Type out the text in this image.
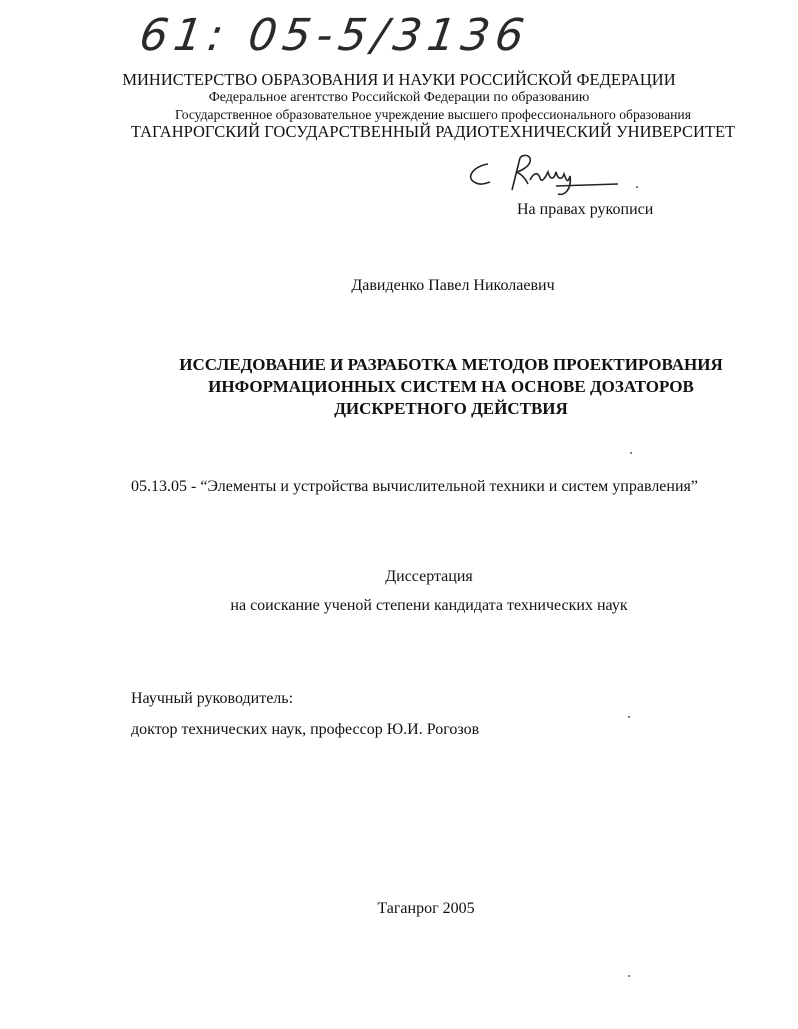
61: 05-5/3136
МИНИСТЕРСТВО ОБРАЗОВАНИЯ И НАУКИ РОССИЙСКОЙ ФЕДЕРАЦИИ
Федеральное агентство Российской Федерации по образованию
Государственное образовательное учреждение высшего профессионального образования
ТАГАНРОГСКИЙ ГОСУДАРСТВЕННЫЙ РАДИОТЕХНИЧЕСКИЙ УНИВЕРСИТЕТ
На правах рукописи
Давиденко Павел Николаевич
ИССЛЕДОВАНИЕ И РАЗРАБОТКА МЕТОДОВ ПРОЕКТИРОВАНИЯ
ИНФОРМАЦИОННЫХ СИСТЕМ НА ОСНОВЕ ДОЗАТОРОВ
ДИСКРЕТНОГО ДЕЙСТВИЯ
05.13.05 - “Элементы и устройства вычислительной техники и систем управления”
Диссертация
на соискание ученой степени кандидата технических наук
Научный руководитель:
доктор технических наук, профессор Ю.И. Рогозов
Таганрог 2005
